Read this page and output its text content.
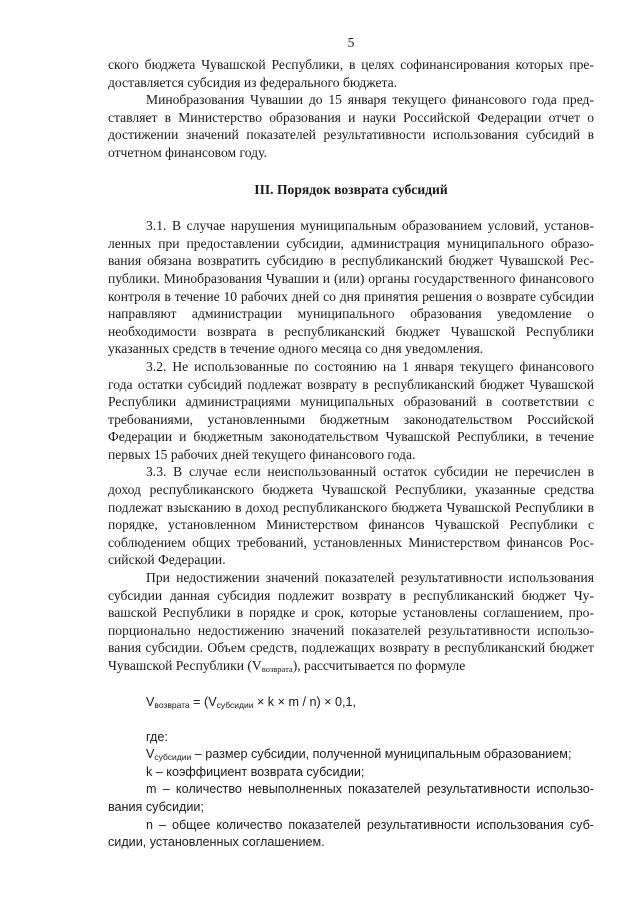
5

ского бюджета Чувашской Республики, в целях софинансирования которых предоставляется субсидия из федерального бюджета.

Минобразования Чувашии до 15 января текущего финансового года представляет в Министерство образования и науки Российской Федерации отчет о достижении значений показателей результативности использования субсидий в отчетном финансовом году.

III. Порядок возврата субсидий

3.1. В случае нарушения муниципальным образованием условий, установленных при предоставлении субсидии, администрация муниципального образования обязана возвратить субсидию в республиканский бюджет Чувашской Республики. Минобразования Чувашии и (или) органы государственного финансового контроля в течение 10 рабочих дней со дня принятия решения о возврате субсидии направляют администрации муниципального образования уведомление о необходимости возврата в республиканский бюджет Чувашской Республики указанных средств в течение одного месяца со дня уведомления.

3.2. Не использованные по состоянию на 1 января текущего финансового года остатки субсидий подлежат возврату в республиканский бюджет Чувашской Республики администрациями муниципальных образований в соответствии с требованиями, установленными бюджетным законодательством Российской Федерации и бюджетным законодательством Чувашской Республики, в течение первых 15 рабочих дней текущего финансового года.

3.3. В случае если неиспользованный остаток субсидии не перечислен в доход республиканского бюджета Чувашской Республики, указанные средства подлежат взысканию в доход республиканского бюджета Чувашской Республики в порядке, установленном Министерством финансов Чувашской Республики с соблюдением общих требований, установленных Министерством финансов Российской Федерации.

При недостижении значений показателей результативности использования субсидии данная субсидия подлежит возврату в республиканский бюджет Чувашской Республики в порядке и срок, которые установлены соглашением, пропорционально недостижению значений показателей результативности использования субсидии. Объем средств, подлежащих возврату в республиканский бюджет Чувашской Республики $(V_{возврата})$, рассчитывается по формуле

$V_{возврата} = (V_{субсидии} \times k \times m / n) \times 0,1$,
где:

$V_{субсидии}$ – размер субсидии, полученной муниципальным образованием;

k – коэффициент возврата субсидии;

m – количество невыполненных показателей результативности использования субсидии;

n – общее количество показателей результативности использования субсидии, установленных соглашением.
